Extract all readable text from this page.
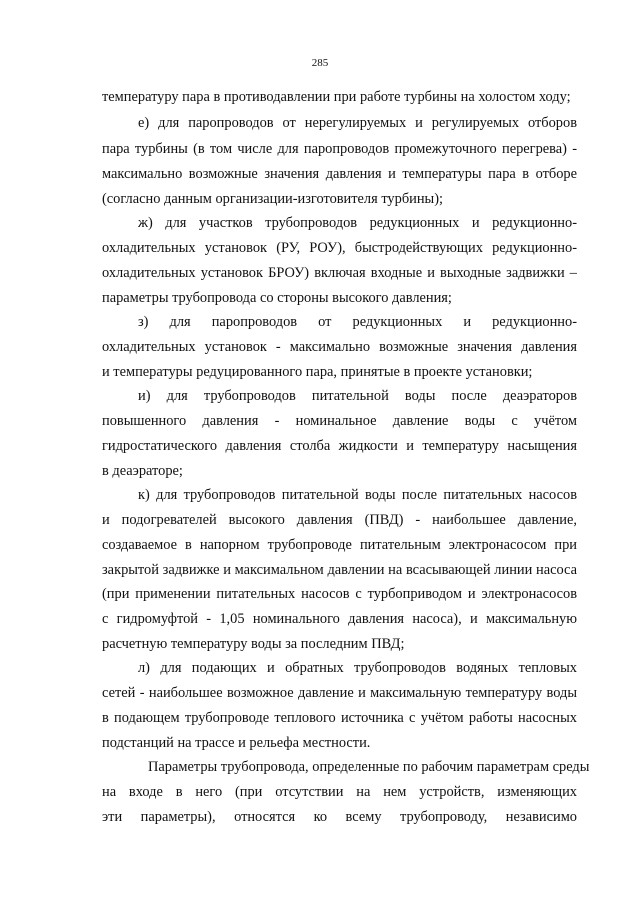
285
температуру пара в противодавлении при работе турбины на холостом ходу;
е) для паропроводов от нерегулируемых и регулируемых отборов
пара турбины (в том числе для паропроводов промежуточного перегрева) -
максимально возможные значения давления и температуры пара в отборе
(согласно данным организации-изготовителя турбины);
ж) для участков трубопроводов редукционных и редукционно-
охладительных установок (РУ, РОУ), быстродействующих редукционно-
охладительных установок БРОУ) включая входные и выходные задвижки –
параметры трубопровода со стороны высокого давления;
з) для паропроводов от редукционных и редукционно-
охладительных установок - максимально возможные значения давления
и температуры редуцированного пара, принятые в проекте установки;
и) для трубопроводов питательной воды после деаэраторов
повышенного давления - номинальное давление воды с учётом
гидростатического давления столба жидкости и температуру насыщения
в деаэраторе;
к) для трубопроводов питательной воды после питательных насосов
и подогревателей высокого давления (ПВД) - наибольшее давление,
создаваемое в напорном трубопроводе питательным электронасосом при
закрытой задвижке и максимальном давлении на всасывающей линии насоса
(при применении питательных насосов с турбоприводом и электронасосов
с гидромуфтой - 1,05 номинального давления насоса), и максимальную
расчетную температуру воды за последним ПВД;
л) для подающих и обратных трубопроводов водяных тепловых
сетей - наибольшее возможное давление и максимальную температуру воды
в подающем трубопроводе теплового источника с учётом работы насосных
подстанций на трассе и рельефа местности.
Параметры трубопровода, определенные по рабочим параметрам среды
на входе в него (при отсутствии на нем устройств, изменяющих
эти параметры), относятся ко всему трубопроводу, независимо
